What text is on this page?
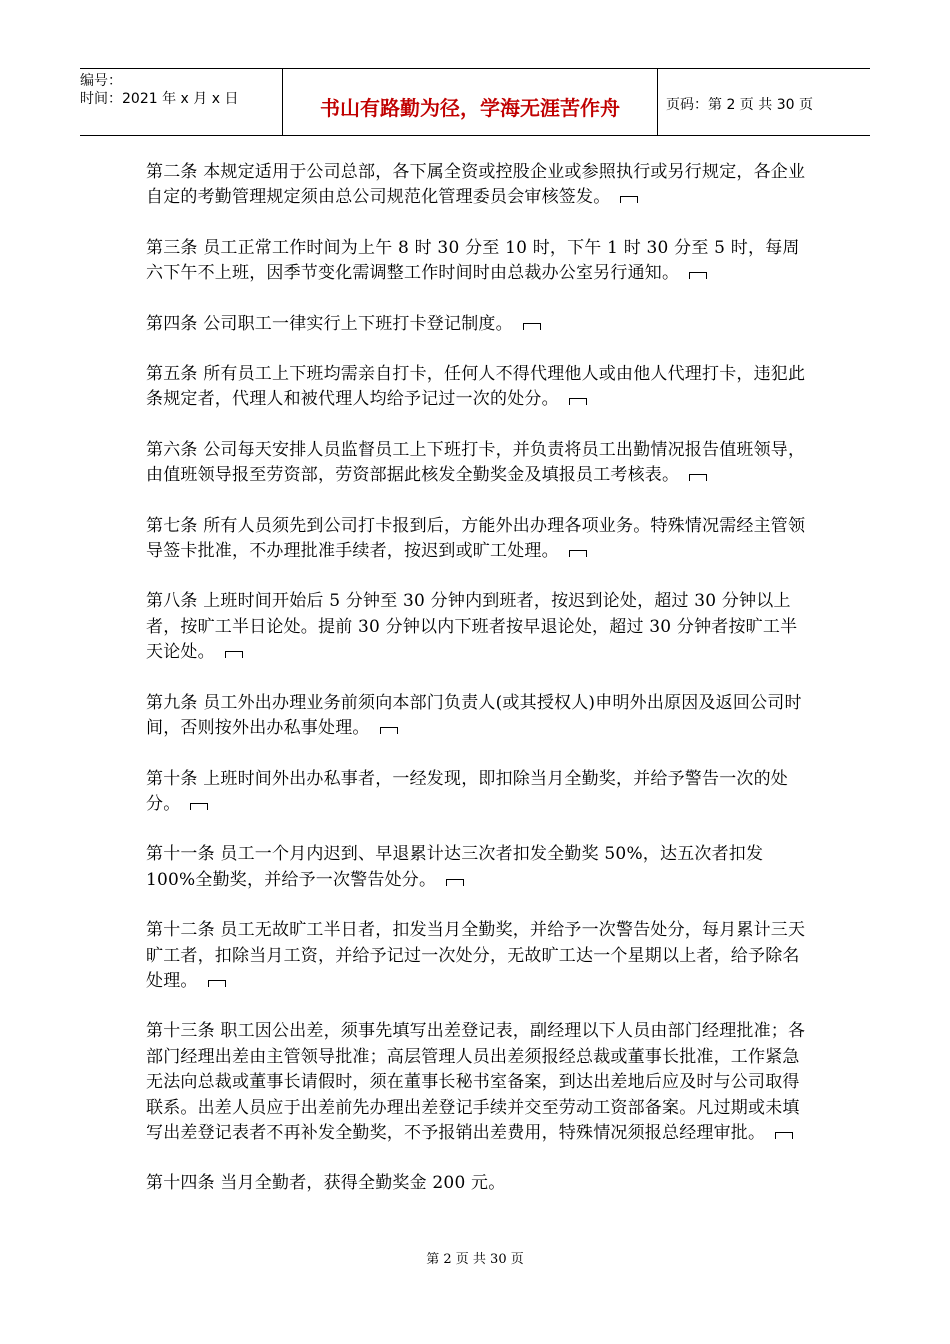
编号：
时间：2021 年 x 月 x 日	书山有路勤为径，学海无涯苦作舟	页码：第 2 页 共 30 页

第二条 本规定适用于公司总部，各下属全资或控股企业或参照执行或另行规定，各企业自定的考勤管理规定须由总公司规范化管理委员会审核签发。

第三条 员工正常工作时间为上午 8 时 30 分至 10 时，下午 1 时 30 分至 5 时，每周六下午不上班，因季节变化需调整工作时间时由总裁办公室另行通知。

第四条 公司职工一律实行上下班打卡登记制度。

第五条 所有员工上下班均需亲自打卡，任何人不得代理他人或由他人代理打卡，违犯此条规定者，代理人和被代理人均给予记过一次的处分。

第六条 公司每天安排人员监督员工上下班打卡，并负责将员工出勤情况报告值班领导，由值班领导报至劳资部，劳资部据此核发全勤奖金及填报员工考核表。

第七条 所有人员须先到公司打卡报到后，方能外出办理各项业务。特殊情况需经主管领导签卡批准，不办理批准手续者，按迟到或旷工处理。

第八条 上班时间开始后 5 分钟至 30 分钟内到班者，按迟到论处，超过 30 分钟以上者，按旷工半日论处。提前 30 分钟以内下班者按早退论处，超过 30 分钟者按旷工半天论处。

第九条 员工外出办理业务前须向本部门负责人(或其授权人)申明外出原因及返回公司时间，否则按外出办私事处理。

第十条 上班时间外出办私事者，一经发现，即扣除当月全勤奖，并给予警告一次的处分。

第十一条 员工一个月内迟到、早退累计达三次者扣发全勤奖 50%，达五次者扣发 100%全勤奖，并给予一次警告处分。

第十二条 员工无故旷工半日者，扣发当月全勤奖，并给予一次警告处分，每月累计三天旷工者，扣除当月工资，并给予记过一次处分，无故旷工达一个星期以上者，给予除名处理。

第十三条 职工因公出差，须事先填写出差登记表，副经理以下人员由部门经理批准；各部门经理出差由主管领导批准；高层管理人员出差须报经总裁或董事长批准，工作紧急无法向总裁或董事长请假时，须在董事长秘书室备案，到达出差地后应及时与公司取得联系。出差人员应于出差前先办理出差登记手续并交至劳动工资部备案。凡过期或未填写出差登记表者不再补发全勤奖，不予报销出差费用，特殊情况须报总经理审批。

第十四条 当月全勤者，获得全勤奖金 200 元。

第 2 页 共 30 页
